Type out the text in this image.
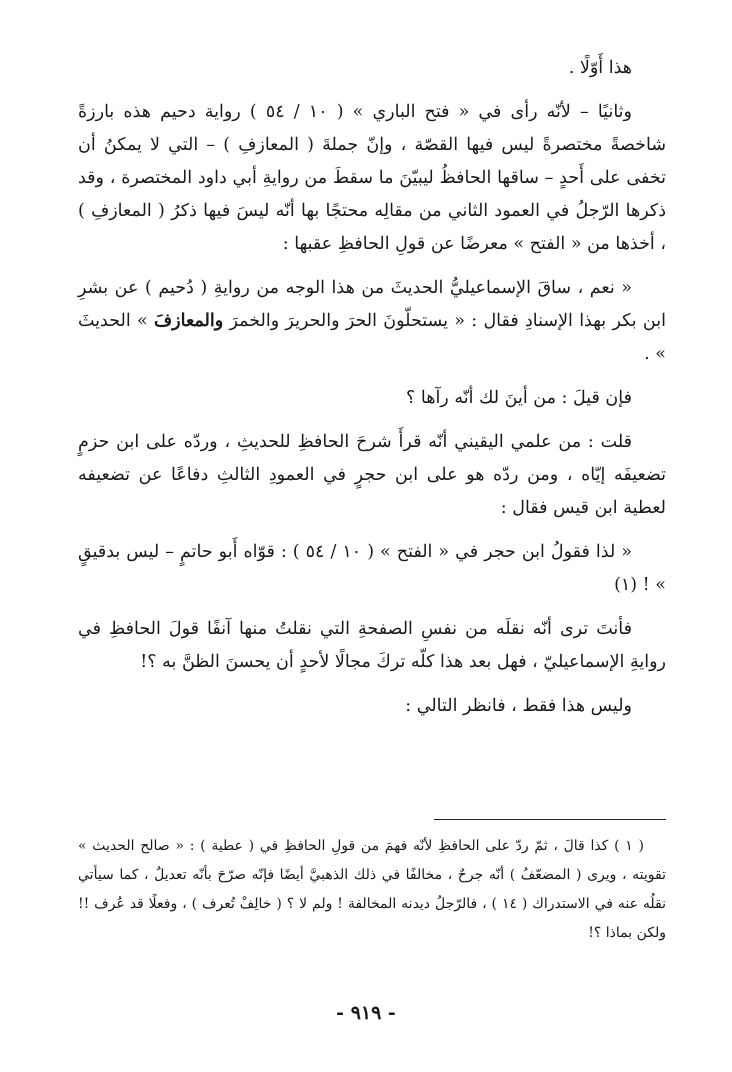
هذا أَوّلًا .

وثانيًا – لأنّه رأى في « فتح الباري » ( ١٠ / ٥٤ ) رواية دحيم هذه بارزةً شاخصةً مختصرةً ليس فيها القصّة ، وإنّ جملةَ ( المعازفِ ) – التي لا يمكنُ أن تخفى على أَحدٍ – ساقها الحافظُ ليبيّنَ ما سقطَ من روايةِ أبي داود المختصرة ، وقد ذكرها الرّجلُ في العمود الثاني من مقالِه محتجًا بها أنّه ليسَ فيها ذكرُ ( المعازفِ ) ، أخذها من « الفتح » معرضًا عن قولِ الحافظِ عقبها :

« نعم ، ساقَ الإسماعيليُّ الحديثَ من هذا الوجه من روايةِ ( دُحيم ) عن بشرِ ابن بكر بهذا الإسنادِ فقال : « يستحلّونَ الحرَ والحريرَ والخمرَ والمعازفَ » الحديثَ » .

فإن قيلَ : من أينَ لك أنّه رآها ؟

قلت : من علمي اليقيني أنّه قرأَ شرحَ الحافظِ للحديثِ ، وردّه على ابن حزمٍ تضعيفَه إيّاه ، ومن ردّه هو على ابن حجرٍ في العمودِ الثالثِ دفاعًا عن تضعيفه لعطية ابن قيس فقال :

« لذا فقولُ ابن حجر في « الفتح » ( ١٠ / ٥٤ ) : قوّاه أَبو حاتمٍ – ليس بدقيقٍ » ! (١)

فأنتَ ترى أنّه نقلَه من نفسِ الصفحةِ التي نقلتُ منها آنفًا قولَ الحافظِ في روايةِ الإسماعيليّ ، فهل بعد هذا كلّه تركَ مجالًا لأحدٍ أن يحسنَ الظنَّ به ؟!

وليس هذا فقط ، فانظر التالي :

( ١ ) كذا قالَ ، ثمّ ردّ على الحافظِ لأنّه فهمَ من قولِ الحافظِ في ( عطية ) : « صالح الحديث » تقويته ، ويرى ( المضعّفُ ) أنّه جرحٌ ، مخالفًا في ذلك الذهبيَّ أيضًا فإنّه صرّحَ بأنّه تعديلٌ ، كما سيأتي نقلُه عنه في الاستدراك ( ١٤ ) ، فالرّجلُ ديدنه المخالفة ! ولم لا ؟ ( خالِفْ تُعرف ) ، وفعلًا قد عُرف !! ولكن بماذا ؟!

- ٩١٩ -
